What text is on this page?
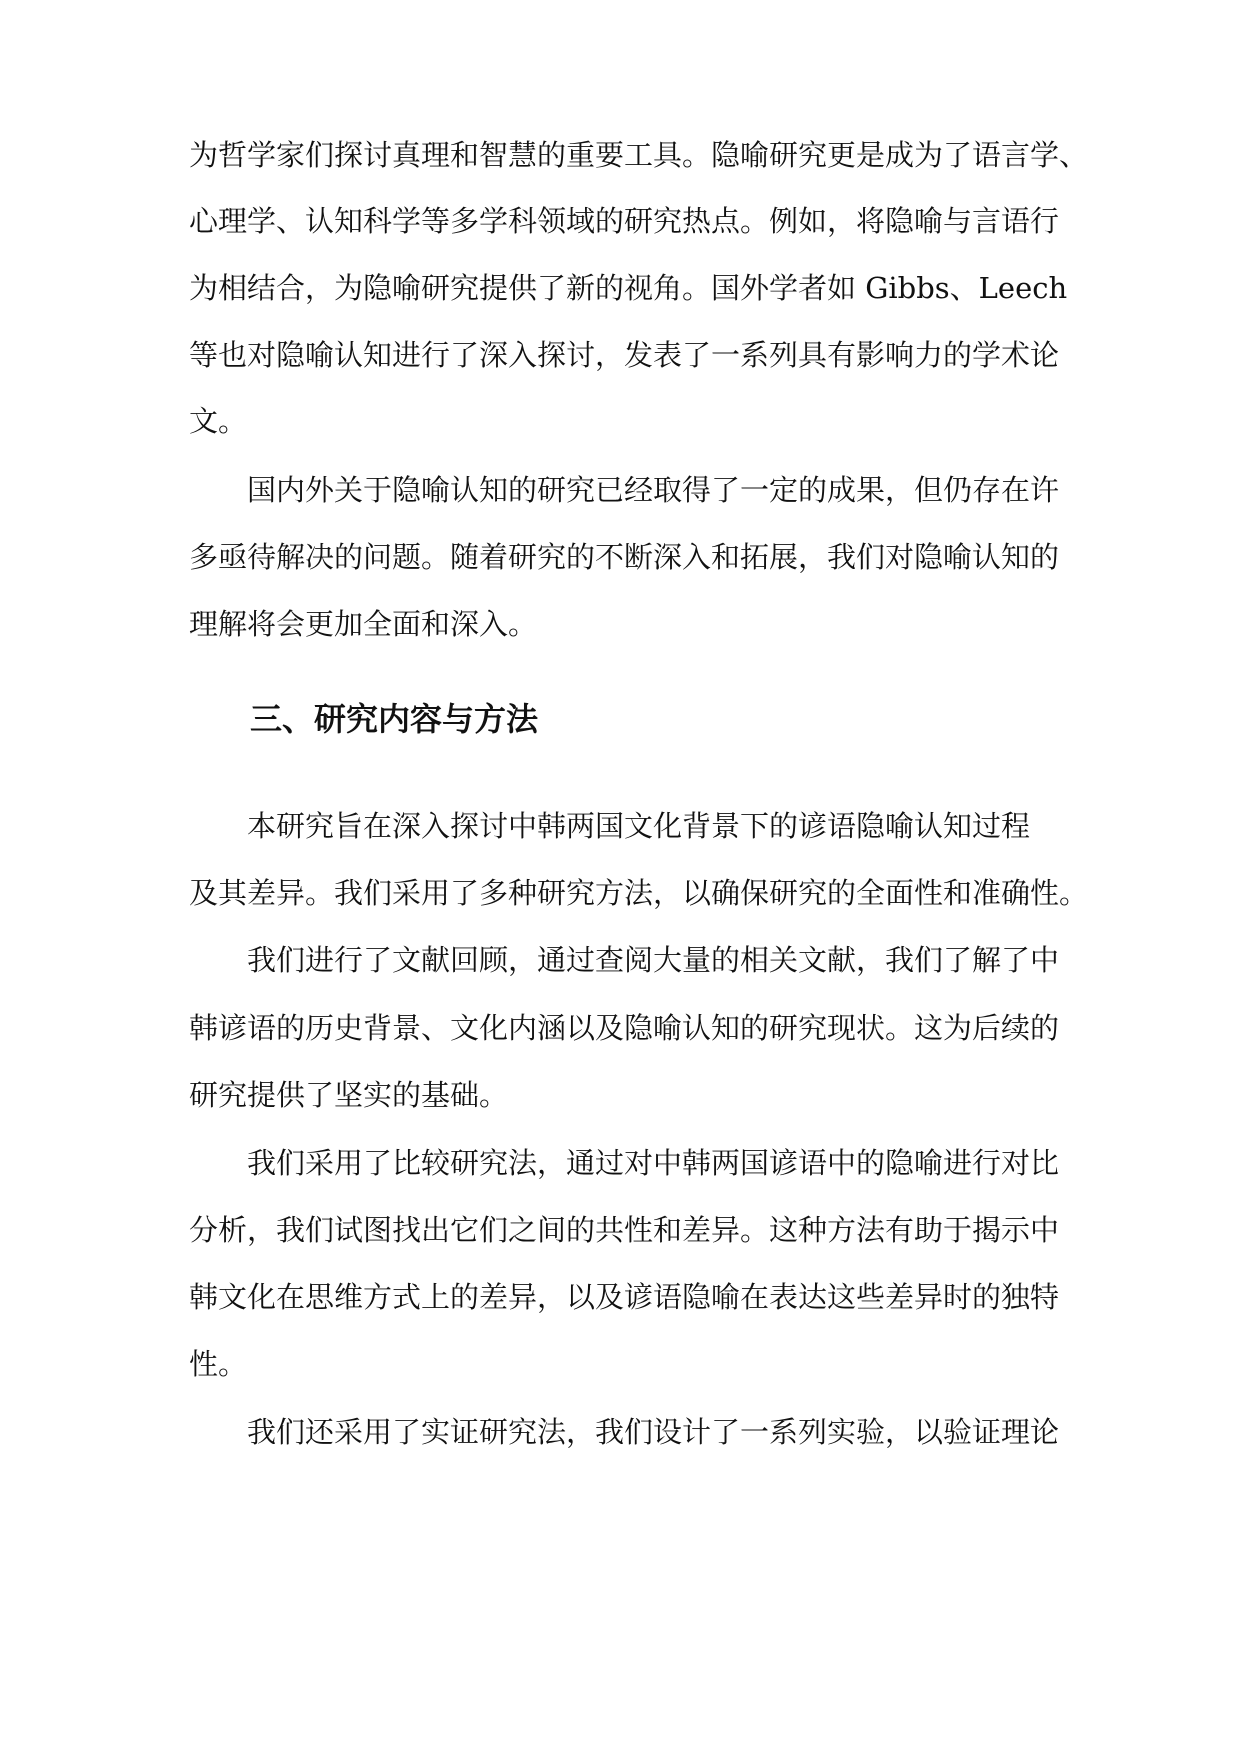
为哲学家们探讨真理和智慧的重要工具。隐喻研究更是成为了语言学、
心理学、认知科学等多学科领域的研究热点。例如，将隐喻与言语行
为相结合，为隐喻研究提供了新的视角。国外学者如 Gibbs、Leech
等也对隐喻认知进行了深入探讨，发表了一系列具有影响力的学术论
文。
国内外关于隐喻认知的研究已经取得了一定的成果，但仍存在许
多亟待解决的问题。随着研究的不断深入和拓展，我们对隐喻认知的
理解将会更加全面和深入。
三、研究内容与方法
本研究旨在深入探讨中韩两国文化背景下的谚语隐喻认知过程
及其差异。我们采用了多种研究方法，以确保研究的全面性和准确性。
我们进行了文献回顾，通过查阅大量的相关文献，我们了解了中
韩谚语的历史背景、文化内涵以及隐喻认知的研究现状。这为后续的
研究提供了坚实的基础。
我们采用了比较研究法，通过对中韩两国谚语中的隐喻进行对比
分析，我们试图找出它们之间的共性和差异。这种方法有助于揭示中
韩文化在思维方式上的差异，以及谚语隐喻在表达这些差异时的独特
性。
我们还采用了实证研究法，我们设计了一系列实验，以验证理论
